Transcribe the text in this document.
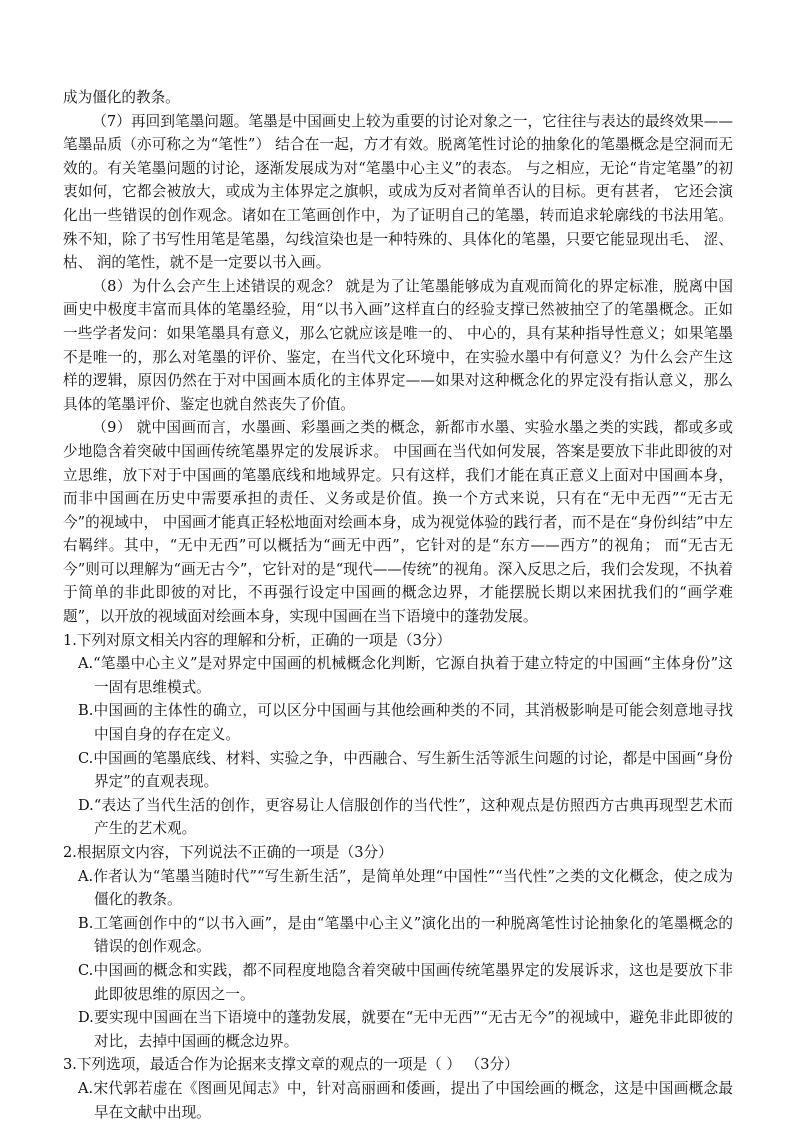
成为僵化的教条。

（7）再回到笔墨问题。笔墨是中国画史上较为重要的讨论对象之一，它往往与表达的最终效果——笔墨品质（亦可称之为“笔性”） 结合在一起，方才有效。脱离笔性讨论的抽象化的笔墨概念是空洞而无效的。有关笔墨问题的讨论，逐渐发展成为对“笔墨中心主义”的表态。 与之相应，无论“肯定笔墨”的初衷如何，它都会被放大，或成为主体界定之旗帜，或成为反对者简单否认的目标。更有甚者， 它还会演化出一些错误的创作观念。诸如在工笔画创作中，为了证明自己的笔墨，转而追求轮廓线的书法用笔。殊不知，除了书写性用笔是笔墨，勾线渲染也是一种特殊的、具体化的笔墨，只要它能显现出毛、 涩、 枯、 润的笔性，就不是一定要以书入画。

（8）为什么会产生上述错误的观念？ 就是为了让笔墨能够成为直观而简化的界定标准，脱离中国画史中极度丰富而具体的笔墨经验，用“以书入画”这样直白的经验支撑已然被抽空了的笔墨概念。正如一些学者发问：如果笔墨具有意义，那么它就应该是唯一的、 中心的，具有某种指导性意义；如果笔墨不是唯一的，那么对笔墨的评价、鉴定，在当代文化环境中，在实验水墨中有何意义？为什么会产生这样的逻辑，原因仍然在于对中国画本质化的主体界定——如果对这种概念化的界定没有指认意义，那么具体的笔墨评价、鉴定也就自然丧失了价值。

（9） 就中国画而言，水墨画、彩墨画之类的概念，新都市水墨、实验水墨之类的实践，都或多或少地隐含着突破中国画传统笔墨界定的发展诉求。 中国画在当代如何发展，答案是要放下非此即彼的对立思维，放下对于中国画的笔墨底线和地域界定。只有这样，我们才能在真正意义上面对中国画本身， 而非中国画在历史中需要承担的责任、义务或是价值。换一个方式来说，只有在“无中无西”“无古无今”的视域中， 中国画才能真正轻松地面对绘画本身，成为视觉体验的践行者，而不是在“身份纠结”中左右羁绊。其中，“无中无西”可以概括为“画无中西”，它针对的是“东方——西方”的视角； 而“无古无今”则可以理解为“画无古今”，它针对的是“现代——传统”的视角。深入反思之后，我们会发现，不执着于简单的非此即彼的对比，不再强行设定中国画的概念边界，才能摆脱长期以来困扰我们的“画学难题”，以开放的视域面对绘画本身，实现中国画在当下语境中的蓬勃发展。

1.下列对原文相关内容的理解和分析，正确的一项是（3分）

A.“笔墨中心主义”是对界定中国画的机械概念化判断，它源自执着于建立特定的中国画“主体身份”这一固有思维模式。

B.中国画的主体性的确立，可以区分中国画与其他绘画种类的不同，其消极影响是可能会刻意地寻找中国自身的存在定义。

C.中国画的笔墨底线、材料、实验之争，中西融合、写生新生活等派生问题的讨论，都是中国画“身份界定”的直观表现。

D.“表达了当代生活的创作，更容易让人信服创作的当代性”，这种观点是仿照西方古典再现型艺术而产生的艺术观。

2.根据原文内容，下列说法不正确的一项是（3分）

A.作者认为“笔墨当随时代”“写生新生活”，是简单处理“中国性”“当代性”之类的文化概念，使之成为僵化的教条。

B.工笔画创作中的“以书入画”，是由“笔墨中心主义”演化出的一种脱离笔性讨论抽象化的笔墨概念的错误的创作观念。

C.中国画的概念和实践，都不同程度地隐含着突破中国画传统笔墨界定的发展诉求，这也是要放下非此即彼思维的原因之一。

D.要实现中国画在当下语境中的蓬勃发展，就要在“无中无西”“无古无今”的视域中，避免非此即彼的对比，去掉中国画的概念边界。

3.下列选项，最适合作为论据来支撑文章的观点的一项是（ ） （3分）

A.宋代郭若虚在《图画见闻志》中，针对高丽画和倭画，提出了中国绘画的概念，这是中国画概念最早在文献中出现。
